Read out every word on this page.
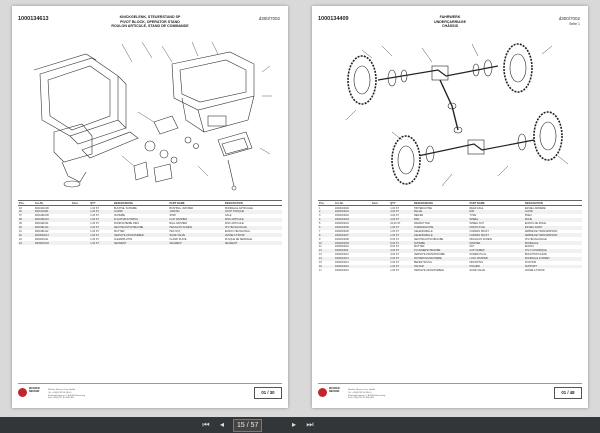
1000134613	d300/7002
KNICKGELENK, STEUERSTAND SP
PIVOT BLOCK, OPERATOR STAND
ROULON ARTICULE, STAND DE COMMANDE
Pos.	Art.-Nr.	Anm.	QTY	BEZEICHNUNG	PART NAME	DESIGNATION
18	0000101006		1,00 ST	BUCHSE, SCHEIBE	BUSHING, WASHER	RONDELLE ARTICULEE
30	0000114091		1,00 ST	GUMMI	JOINING	JOINT TORIQUE
37	0000161006		1,00 ST	SCHEIBE	SHIM	CALE
38	0000161010		1,00 ST	FLACHSPLINT/RING	FLAT WASHER	DISC ARTICULE
39	0000161011		1,00 ST	RUNDSCHEIBE RING	BALL WASHER	DISC ARTICULE
40	0000181114		2,00 ST	SECHSKANTSCHRAUBE	HEXAGON SCREW	VIS HEXAGONALE
41	0000181112		1,00 ST	MUTTER	HEX NUT	ECROU HEXAGONAL
42	0000000013		1,00 ST	VERSCHLUSSSCHIEBER	SLIDE VALVE	VANNE A TIROIR
43	0000000111		1,00 ST	KLEMMPLATTE	CLAMP PLATE	PLAQUE DE SERRAGE
44	0000000103		1,00 ST	SEGMENT	SEGMENT	SEGMENT
WACKER
NEUSON	Wacker Neuson Linz GmbH
Tel. +43(0)732 90 590-0
Flughafenstrasse 7, A-4063 Hörsching
Fax +43(0)732 90 590-300
01 / 30
1000134409	d300/7002
Seite 1
FAHRWERK
UNDERCARRIAGE
CHÂSSIS
Pos.	Art.-Nr.	Anm.	QTY	BEZEICHNUNG	PART NAME	DESIGNATION
1	1000013000		1,00 ST	HINTERACHSE	REAR AXLE	ESSIEU ARRIERE
2	1000013001		4,00 ST	FELGE	RIM	JANTE
3	1000013002		4,00 ST	REIFEN	TYRE	PNEU
4	1000013003		4,00 ST	RAD	WHEEL	ROUE
5	1000013004		24,00 ST	RADMUTTER	WHEEL NUT	ECROU DE ROUE
6	1000013005		1,00 ST	VORDERACHSE	FRONT AXLE	ESSIEU AVANT
7	1000013006		1,00 ST	GELENKWELLE	CARDAN SHAFT	ARBRE DE TRANSMISSION
8	1000013007		1,00 ST	GELENKWELLE	CARDAN SHAFT	ARBRE DE TRANSMISSION
9	1000013008		8,00 ST	SECHSKANTSCHRAUBE	HEXAGON SCREW	VIS HEXAGONALE
10	1000013009		8,00 ST	SCHEIBE	WASHER	RONDELLE
11	1000013010		8,00 ST	MUTTER	NUT	ECROU
12	1000013011		4,00 ST	ZYLINDERSCHRAUBE	CAP SCREW	VIS CYLINDRIQUE
13	1000013012		4,00 ST	VERSCHLUSSSCHRAUBE	SCREW PLUG	BOUCHON FILETE
14	1000013013		2,00 ST	SICHERUNGSSCHEIBE	LOCK WASHER	RONDELLE D'ARRET
15	1000013014		2,00 ST	BEFESTIGUNG	MOUNTING	FIXATION
16	1000013015		1,00 ST	HALTER	HOLDER	SUPPORT
17	1000013016		1,00 ST	VERSCHLUSSSCHIEBER	SLIDE VALVE	VANNE A TIROIR
WACKER
NEUSON	Wacker Neuson Linz GmbH
Tel. +43(0)732 90 590-0
Flughafenstrasse 7, A-4063 Hörsching
Fax +43(0)732 90 590-300
01 / 48
⏮	◂	15 / 57	▸	⏭
